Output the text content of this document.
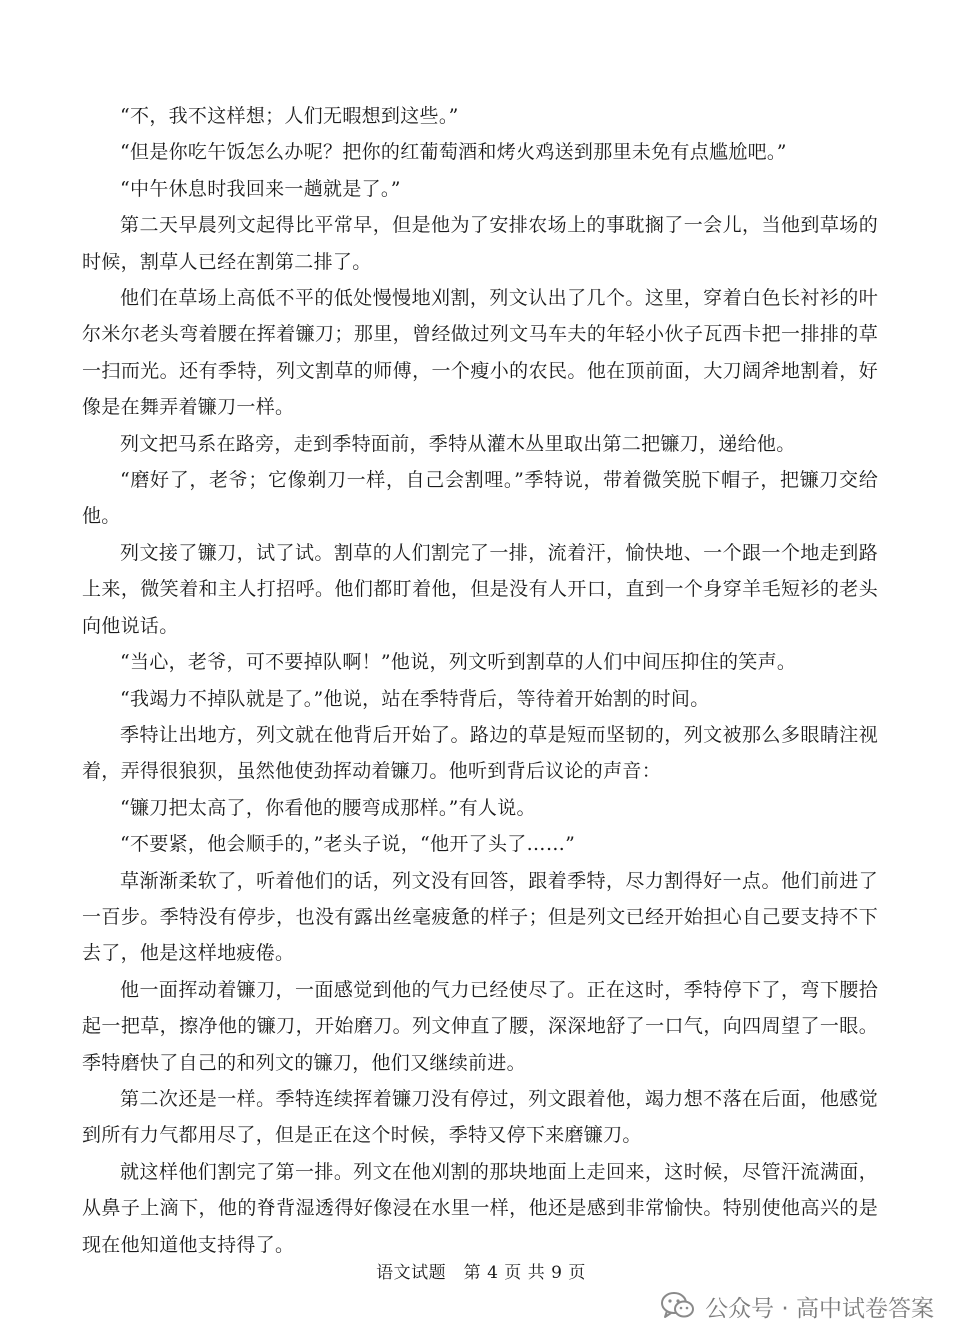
“不，我不这样想；人们无暇想到这些。”

“但是你吃午饭怎么办呢？把你的红葡萄酒和烤火鸡送到那里未免有点尴尬吧。”

“中午休息时我回来一趟就是了。”

第二天早晨列文起得比平常早，但是他为了安排农场上的事耽搁了一会儿，当他到草场的时候，割草人已经在割第二排了。

他们在草场上高低不平的低处慢慢地刈割，列文认出了几个。这里，穿着白色长衬衫的叶尔米尔老头弯着腰在挥着镰刀；那里，曾经做过列文马车夫的年轻小伙子瓦西卡把一排排的草一扫而光。还有季特，列文割草的师傅，一个瘦小的农民。他在顶前面，大刀阔斧地割着，好像是在舞弄着镰刀一样。

列文把马系在路旁，走到季特面前，季特从灌木丛里取出第二把镰刀，递给他。

“磨好了，老爷；它像剃刀一样，自己会割哩。”季特说，带着微笑脱下帽子，把镰刀交给他。

列文接了镰刀，试了试。割草的人们割完了一排，流着汗，愉快地、一个跟一个地走到路上来，微笑着和主人打招呼。他们都盯着他，但是没有人开口，直到一个身穿羊毛短衫的老头向他说话。

“当心，老爷，可不要掉队啊！”他说，列文听到割草的人们中间压抑住的笑声。

“我竭力不掉队就是了。”他说，站在季特背后，等待着开始割的时间。

季特让出地方，列文就在他背后开始了。路边的草是短而坚韧的，列文被那么多眼睛注视着，弄得很狼狈，虽然他使劲挥动着镰刀。他听到背后议论的声音：

“镰刀把太高了，你看他的腰弯成那样。”有人说。

“不要紧，他会顺手的，”老头子说，“他开了头了……”

草渐渐柔软了，听着他们的话，列文没有回答，跟着季特，尽力割得好一点。他们前进了一百步。季特没有停步，也没有露出丝毫疲惫的样子；但是列文已经开始担心自己要支持不下去了，他是这样地疲倦。

他一面挥动着镰刀，一面感觉到他的气力已经使尽了。正在这时，季特停下了，弯下腰拾起一把草，擦净他的镰刀，开始磨刀。列文伸直了腰，深深地舒了一口气，向四周望了一眼。季特磨快了自己的和列文的镰刀，他们又继续前进。

第二次还是一样。季特连续挥着镰刀没有停过，列文跟着他，竭力想不落在后面，他感觉到所有力气都用尽了，但是正在这个时候，季特又停下来磨镰刀。

就这样他们割完了第一排。列文在他刈割的那块地面上走回来，这时候，尽管汗流满面，从鼻子上滴下，他的脊背湿透得好像浸在水里一样，他还是感到非常愉快。特别使他高兴的是现在他知道他支持得了。

语文试题　第 4 页 共 9 页
公众号 · 高中试卷答案
